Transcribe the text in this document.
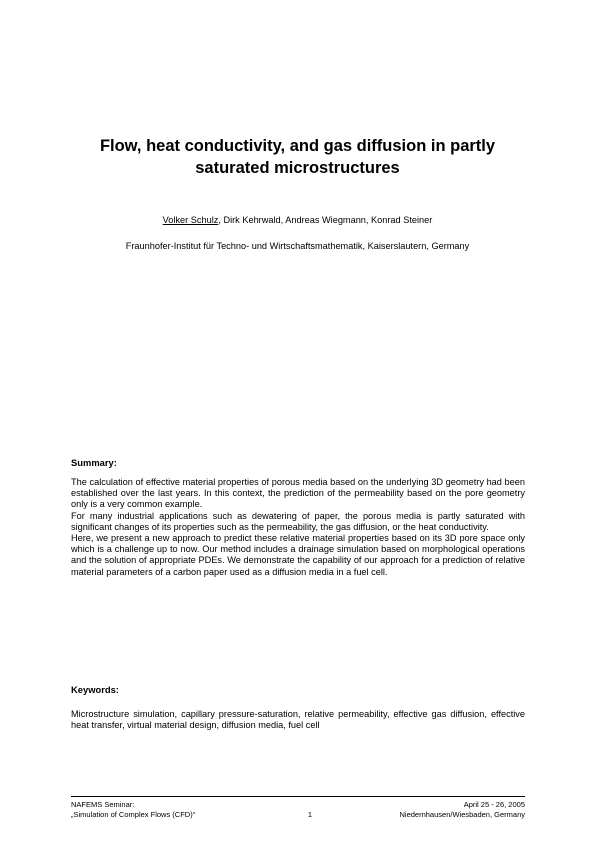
Flow, heat conductivity, and gas diffusion in partly
saturated microstructures
Volker Schulz, Dirk Kehrwald, Andreas Wiegmann, Konrad Steiner
Fraunhofer-Institut für Techno- und Wirtschaftsmathematik, Kaiserslautern, Germany
Summary:

The calculation of effective material properties of porous media based on the underlying 3D geometry had been established over the last years. In this context, the prediction of the permeability based on the pore geometry only is a very common example.

For many industrial applications such as dewatering of paper, the porous media is partly saturated with significant changes of its properties such as the permeability, the gas diffusion, or the heat conductivity.

Here, we present a new approach to predict these relative material properties based on its 3D pore space only which is a challenge up to now. Our method includes a drainage simulation based on morphological operations and the solution of appropriate PDEs. We demonstrate the capability of our approach for a prediction of relative material parameters of a carbon paper used as a diffusion media in a fuel cell.

Keywords:
Microstructure simulation, capillary pressure-saturation, relative permeability, effective gas diffusion, effective heat transfer, virtual material design, diffusion media, fuel cell
NAFEMS Seminar:
„Simulation of Complex Flows (CFD)“	1
April 25 - 26, 2005
Niedernhausen/Wiesbaden, Germany
